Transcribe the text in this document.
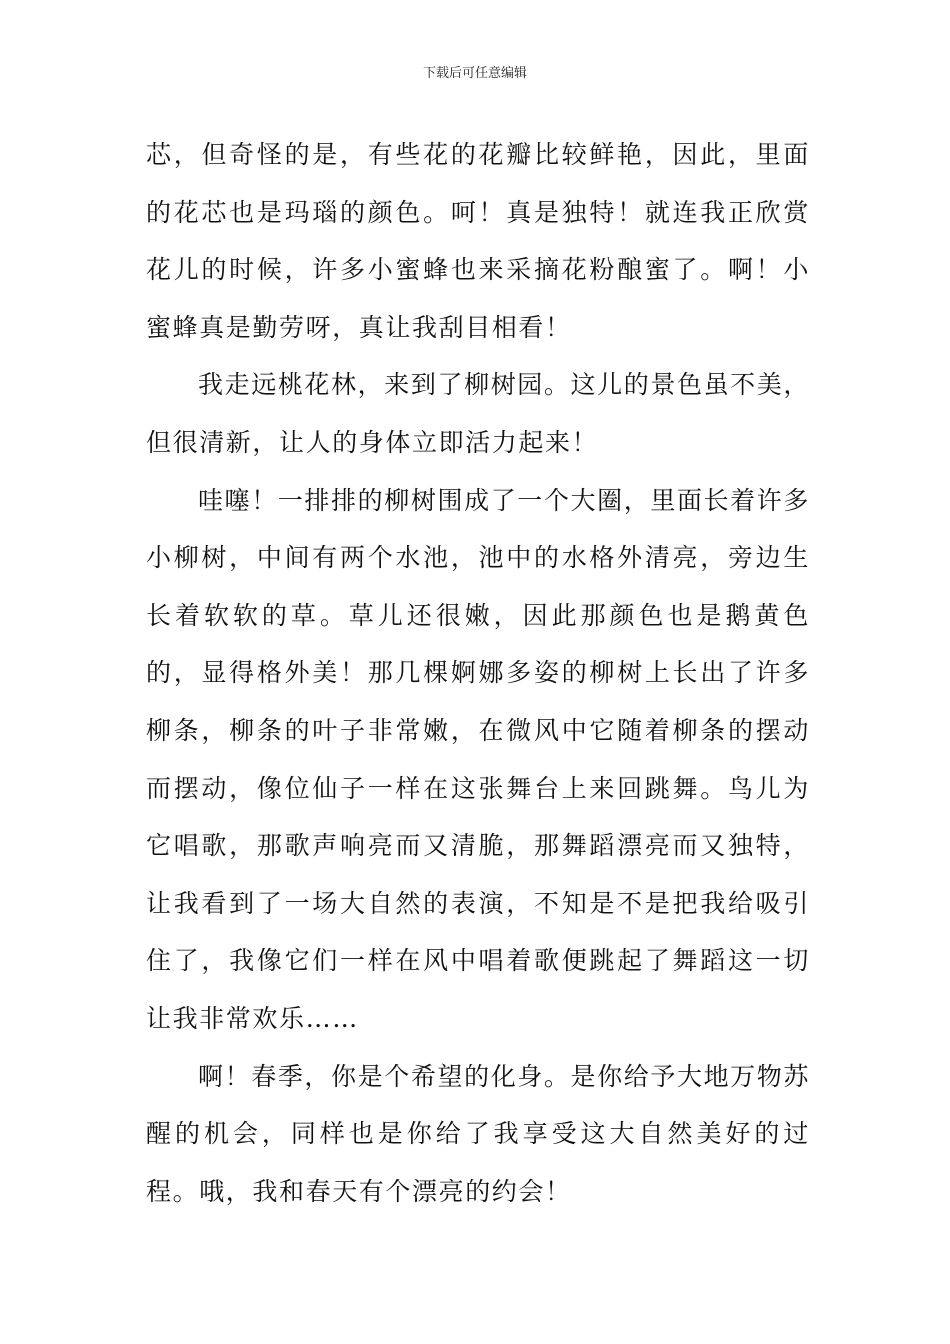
下载后可任意编辑

芯，但奇怪的是，有些花的花瓣比较鲜艳，因此，里面的花芯也是玛瑙的颜色。呵！真是独特！就连我正欣赏花儿的时候，许多小蜜蜂也来采摘花粉酿蜜了。啊！小蜜蜂真是勤劳呀，真让我刮目相看！

我走远桃花林，来到了柳树园。这儿的景色虽不美，但很清新，让人的身体立即活力起来！

哇噻！一排排的柳树围成了一个大圈，里面长着许多小柳树，中间有两个水池，池中的水格外清亮，旁边生长着软软的草。草儿还很嫩，因此那颜色也是鹅黄色的，显得格外美！那几棵婀娜多姿的柳树上长出了许多柳条，柳条的叶子非常嫩，在微风中它随着柳条的摆动而摆动，像位仙子一样在这张舞台上来回跳舞。鸟儿为它唱歌，那歌声响亮而又清脆，那舞蹈漂亮而又独特，让我看到了一场大自然的表演，不知是不是把我给吸引住了，我像它们一样在风中唱着歌便跳起了舞蹈这一切让我非常欢乐……

啊！春季，你是个希望的化身。是你给予大地万物苏醒的机会，同样也是你给了我享受这大自然美好的过程。哦，我和春天有个漂亮的约会！
